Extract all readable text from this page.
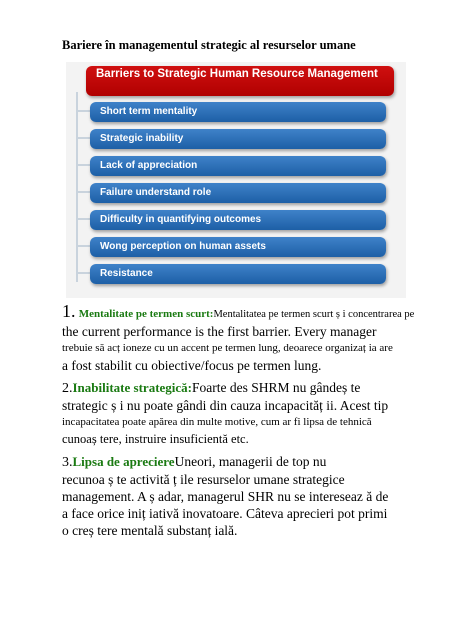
Bariere în managementul strategic al resurselor umane
Barriers to Strategic Human Resource Management
Short term mentality
Strategic inability
Lack of appreciation
Failure understand role
Difficulty in quantifying outcomes
Wong perception on human assets
Resistance
1. Mentalitate pe termen scurt:Mentalitatea pe termen scurt ș i concentrarea pe
the current performance is the first barrier. Every manager
trebuie să acț ioneze cu un accent pe termen lung, deoarece organizaț ia are
a fost stabilit cu obiective/focus pe termen lung.
2.Inabilitate strategică:Foarte des SHRM nu gândeș te
strategic ș i nu poate gândi din cauza incapacităț ii. Acest tip
incapacitatea poate apărea din multe motive, cum ar fi lipsa de tehnică
cunoaș tere, instruire insuficientă etc.
3.Lipsa de apreciereUneori, managerii de top nu
recunoa ș te activită ț ile resurselor umane strategice
management. A ș adar, managerul SHR nu se intereseaz ă de
a face orice iniț iativă inovatoare. Câteva aprecieri pot primi
o creș tere mentală substanț ială.
